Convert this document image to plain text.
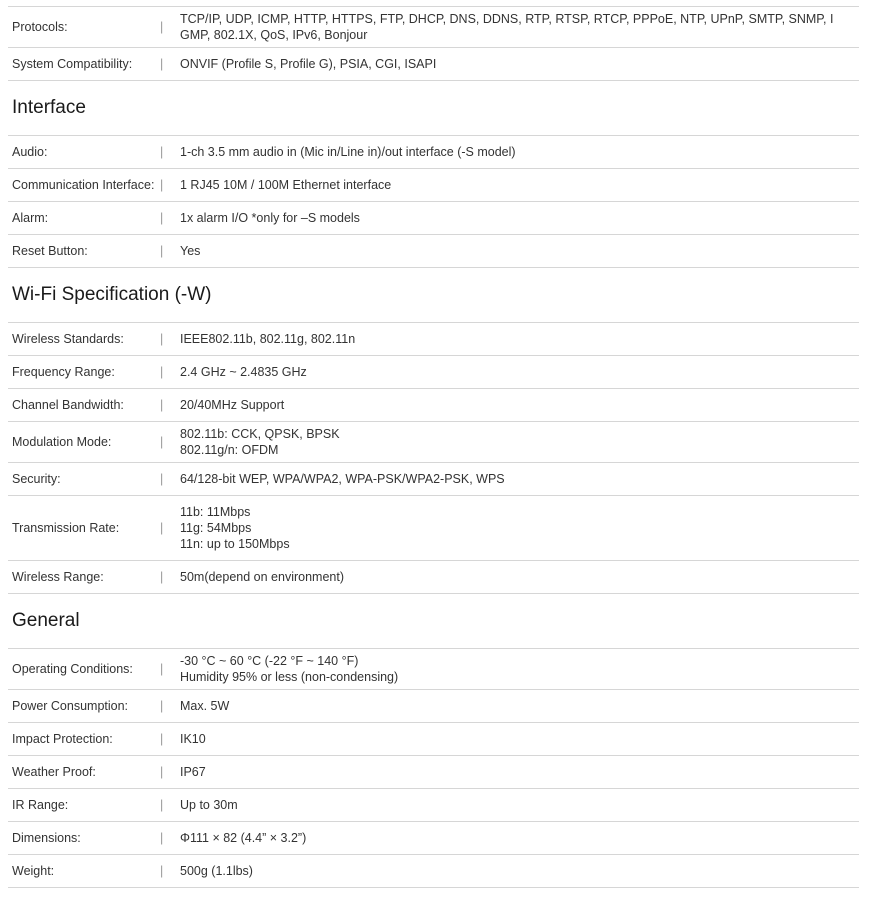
Protocols:	|
TCP/IP, UDP, ICMP, HTTP, HTTPS, FTP, DHCP, DNS, DDNS, RTP, RTSP, RTCP, PPPoE, NTP, UPnP, SMTP, SNMP, I
GMP, 802.1X, QoS, IPv6, Bonjour
System Compatibility:	|	ONVIF (Profile S, Profile G), PSIA, CGI, ISAPI
Interface
Audio:	|	1-ch 3.5 mm audio in (Mic in/Line in)/out interface (-S model)
Communication Interface: |	1 RJ45 10M / 100M Ethernet interface
Alarm:	|	1x alarm I/O *only for –S models
Reset Button:	|	Yes
Wi-Fi Specification (-W)
Wireless Standards:	|	IEEE802.11b, 802.11g, 802.11n
Frequency Range:	|	2.4 GHz ~ 2.4835 GHz
Channel Bandwidth:	|	20/40MHz Support
Modulation Mode:	|
802.11b: CCK, QPSK, BPSK
802.11g/n: OFDM
Security:	|	64/128-bit WEP, WPA/WPA2, WPA-PSK/WPA2-PSK, WPS
Transmission Rate:	|
11b: 11Mbps
11g: 54Mbps
11n: up to 150Mbps
Wireless Range:	|	50m(depend on environment)
General
Operating Conditions:	|
-30 °C ~ 60 °C (-22 °F ~ 140 °F)
Humidity 95% or less (non-condensing)
Power Consumption:	|	Max. 5W
Impact Protection:	|	IK10
Weather Proof:	|	IP67
IR Range:	|	Up to 30m
Dimensions:	|	Φ111 × 82 (4.4” × 3.2”)
Weight:	|	500g (1.1lbs)
